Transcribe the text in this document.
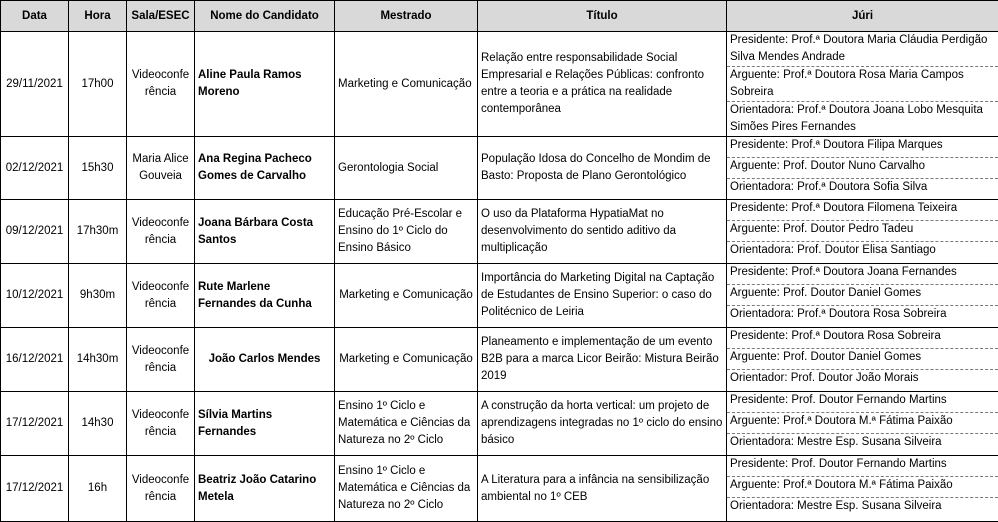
Data	Hora	Sala/ESEC	Nome do Candidato	Mestrado	Título	Júri
29/11/2021	17h00	Videoconferência	Aline Paula Ramos Moreno	Marketing e Comunicação	Relação entre responsabilidade Social Empresarial e Relações Públicas: confronto entre a teoria e a prática na realidade contemporânea	Presidente: Prof.ª Doutora Maria Cláudia Perdigão Silva Mendes Andrade
Arguente: Prof.ª Doutora Rosa Maria Campos Sobreira
Orientadora: Prof.ª Doutora Joana Lobo Mesquita Simões Pires Fernandes

02/12/2021	15h30	Maria Alice Gouveia	Ana Regina Pacheco Gomes de Carvalho	Gerontologia Social	População Idosa do Concelho de Mondim de Basto: Proposta de Plano Gerontológico	Presidente: Prof.ª Doutora Filipa Marques
Arguente: Prof. Doutor Nuno Carvalho
Orientadora: Prof.ª Doutora Sofia Silva

09/12/2021	17h30m	Videoconferência	Joana Bárbara Costa Santos	Educação Pré-Escolar e Ensino do 1º Ciclo do Ensino Básico	O uso da Plataforma HypatiaMat no desenvolvimento do sentido aditivo da multiplicação	Presidente: Prof.ª Doutora Filomena Teixeira
Arguente: Prof. Doutor Pedro Tadeu
Orientadora: Prof. Doutor Elisa Santiago

10/12/2021	9h30m	Videoconferência	Rute Marlene Fernandes da Cunha	Marketing e Comunicação	Importância do Marketing Digital na Captação de Estudantes de Ensino Superior: o caso do Politécnico de Leiria	Presidente: Prof.ª Doutora Joana Fernandes
Arguente: Prof. Doutor Daniel Gomes
Orientadora: Prof.ª Doutora Rosa Sobreira

16/12/2021	14h30m	Videoconferência	João Carlos Mendes	Marketing e Comunicação	Planeamento e implementação de um evento B2B para a marca Licor Beirão: Mistura Beirão 2019	Presidente: Prof.ª Doutora Rosa Sobreira
Arguente: Prof. Doutor Daniel Gomes
Orientador: Prof. Doutor João Morais

17/12/2021	14h30	Videoconferência	Sílvia Martins Fernandes	Ensino 1º Ciclo e Matemática e Ciências da Natureza no 2º Ciclo	A construção da horta vertical: um projeto de aprendizagens integradas no 1º ciclo do ensino básico	Presidente: Prof. Doutor Fernando Martins
Arguente: Prof.ª Doutora M.ª Fátima Paixão
Orientadora: Mestre Esp. Susana Silveira

17/12/2021	16h	Videoconferência	Beatriz João Catarino Metela	Ensino 1º Ciclo e Matemática e Ciências da Natureza no 2º Ciclo	A Literatura para a infância na sensibilização ambiental no 1º CEB	Presidente: Prof. Doutor Fernando Martins
Arguente: Prof.ª Doutora M.ª Fátima Paixão
Orientadora: Mestre Esp. Susana Silveira
